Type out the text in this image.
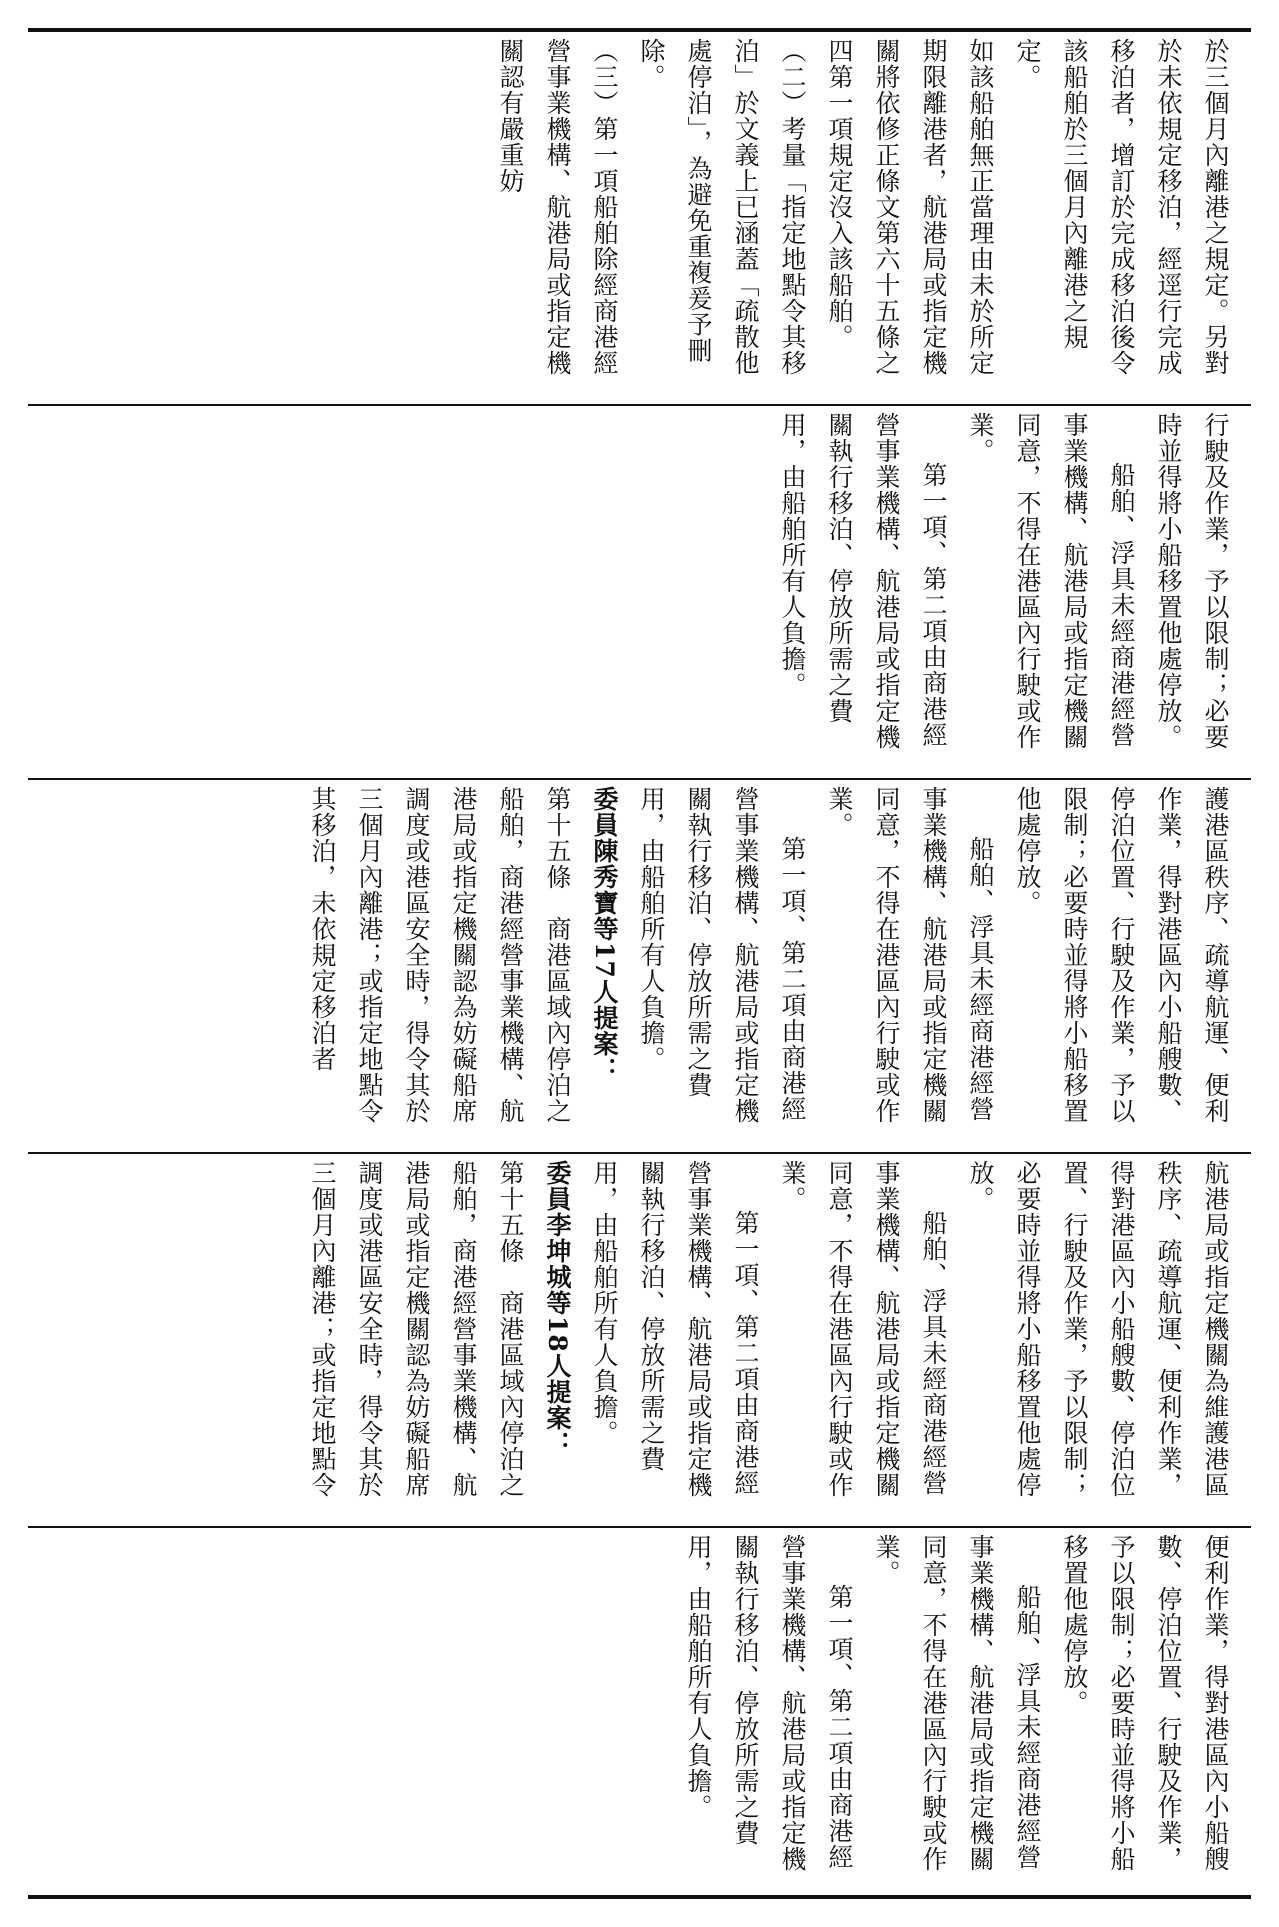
於三個月內離港之規定。另對於未依規定移泊，經逕行完成移泊者，增訂於完成移泊後令該船舶於三個月內離港之規定。

如該船舶無正當理由未於所定期限離港者，航港局或指定機關將依修正條文第六十五條之四第一項規定沒入該船舶。

（二）考量「指定地點令其移泊」於文義上已涵蓋「疏散他處停泊」，為避免重複爰予刪除。

（三）第一項船舶除經商港經營事業機構、航港局或指定機關認有嚴重妨

行駛及作業，予以限制；必要時並得將小船移置他處停放。

船舶、浮具未經商港經營事業機構、航港局或指定機關同意，不得在港區內行駛或作業。

第一項、第二項由商港經營事業機構、航港局或指定機關執行移泊、停放所需之費用，由船舶所有人負擔。

護港區秩序、疏導航運、便利作業，得對港區內小船艘數、停泊位置、行駛及作業，予以限制；必要時並得將小船移置他處停放。

船舶、浮具未經商港經營事業機構、航港局或指定機關同意，不得在港區內行駛或作業。

第一項、第二項由商港經營事業機構、航港局或指定機關執行移泊、停放所需之費用，由船舶所有人負擔。

委員陳秀寶等17人提案：

第十五條　商港區域內停泊之船舶，商港經營事業機構、航港局或指定機關認為妨礙船席調度或港區安全時，得令其於三個月內離港；或指定地點令其移泊，未依規定移泊者

航港局或指定機關為維護港區秩序、疏導航運、便利作業，得對港區內小船艘數、停泊位置、行駛及作業，予以限制；必要時並得將小船移置他處停放。

船舶、浮具未經商港經營事業機構、航港局或指定機關同意，不得在港區內行駛或作業。

第一項、第二項由商港經營事業機構、航港局或指定機關執行移泊、停放所需之費用，由船舶所有人負擔。

委員李坤城等18人提案：

第十五條　商港區域內停泊之船舶，商港經營事業機構、航港局或指定機關認為妨礙船席調度或港區安全時，得令其於三個月內離港；或指定地點令

便利作業，得對港區內小船艘數、停泊位置、行駛及作業，予以限制；必要時並得將小船移置他處停放。

船舶、浮具未經商港經營事業機構、航港局或指定機關同意，不得在港區內行駛或作業。

第一項、第二項由商港經營事業機構、航港局或指定機關執行移泊、停放所需之費用，由船舶所有人負擔。
